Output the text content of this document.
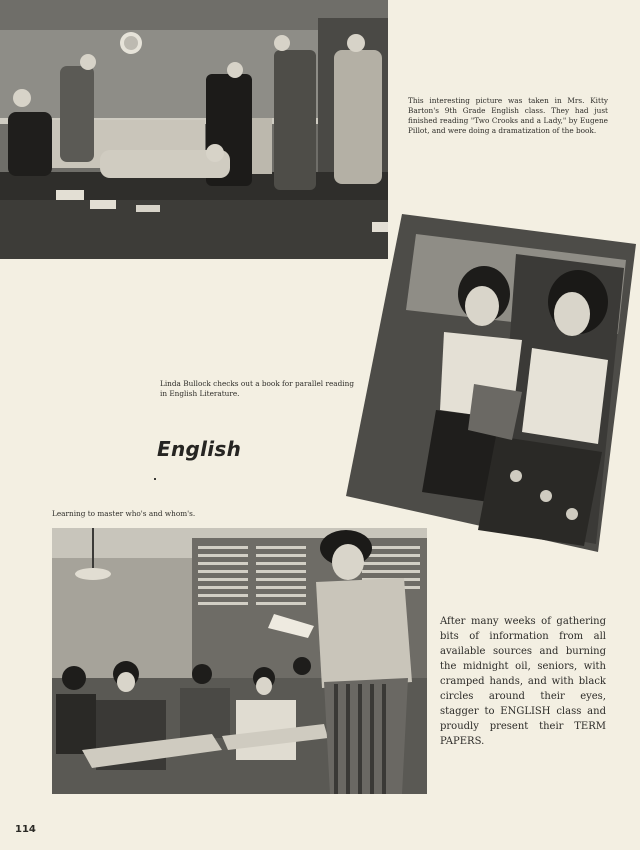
This interesting picture was taken in Mrs. Kitty Barton's 9th Grade English class. They had just finished reading "Two Crooks and a Lady," by Eugene Pillot, and were doing a dramatization of the book.
Linda Bullock checks out a book for parallel reading in English Literature.
English
Learning to master who's and whom's.
After many weeks of gathering bits of information from all available sources and burning the midnight oil, seniors, with cramped hands, and with black circles around their eyes, stagger to ENGLISH class and proudly present their TERM PAPERS.
114
